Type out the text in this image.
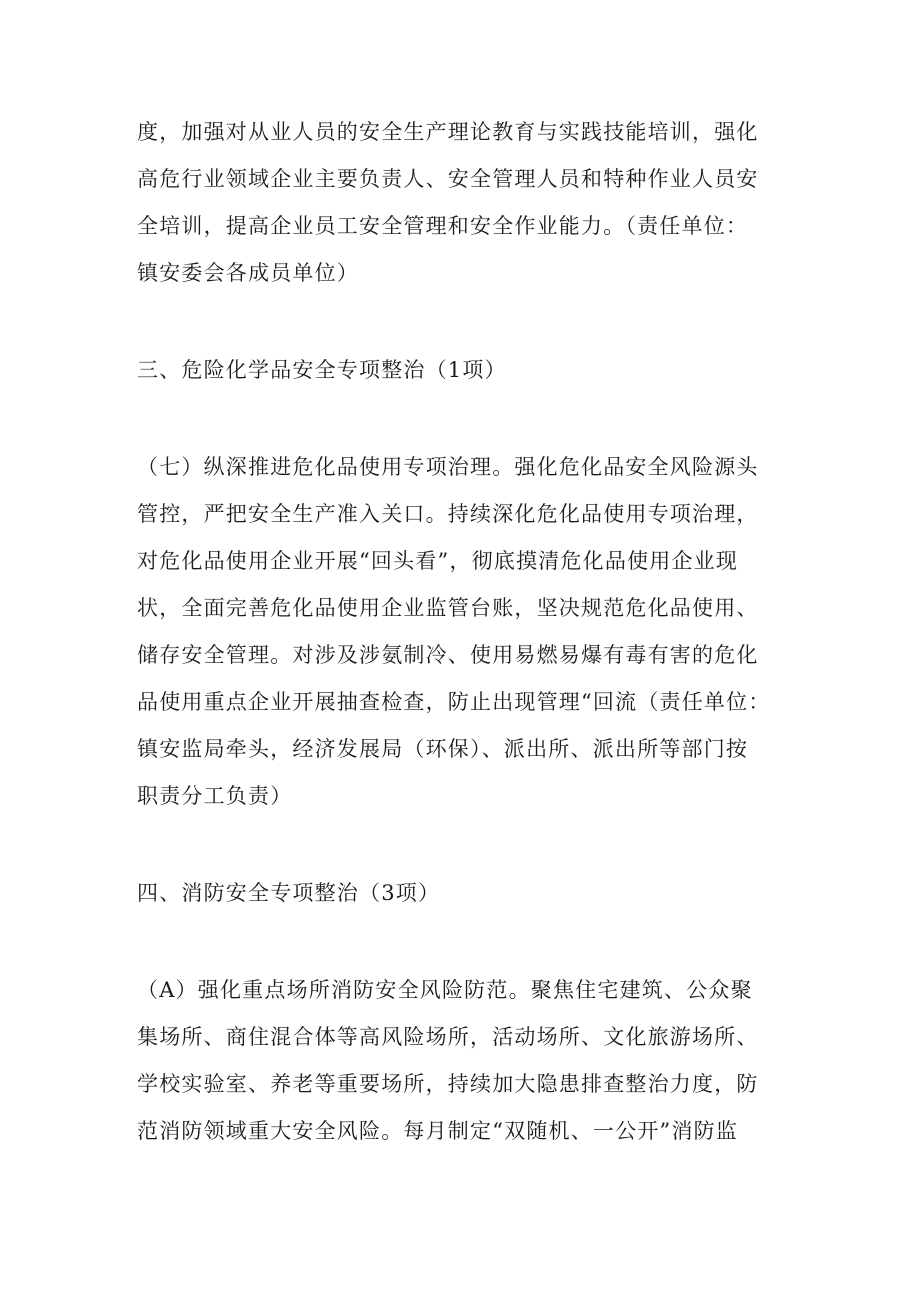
度，加强对从业人员的安全生产理论教育与实践技能培训，强化
高危行业领域企业主要负责人、安全管理人员和特种作业人员安
全培训，提高企业员工安全管理和安全作业能力。（责任单位：
镇安委会各成员单位）
三、危险化学品安全专项整治（1项）
（七）纵深推进危化品使用专项治理。强化危化品安全风险源头
管控，严把安全生产准入关口。持续深化危化品使用专项治理，
对危化品使用企业开展“回头看”，彻底摸清危化品使用企业现
状，全面完善危化品使用企业监管台账，坚决规范危化品使用、
储存安全管理。对涉及涉氨制冷、使用易燃易爆有毒有害的危化
品使用重点企业开展抽查检查，防止出现管理“回流（责任单位：
镇安监局牵头，经济发展局（环保）、派出所、派出所等部门按
职责分工负责）
四、消防安全专项整治（3项）
（A）强化重点场所消防安全风险防范。聚焦住宅建筑、公众聚
集场所、商住混合体等高风险场所，活动场所、文化旅游场所、
学校实验室、养老等重要场所，持续加大隐患排查整治力度，防
范消防领域重大安全风险。每月制定“双随机、一公开”消防监
